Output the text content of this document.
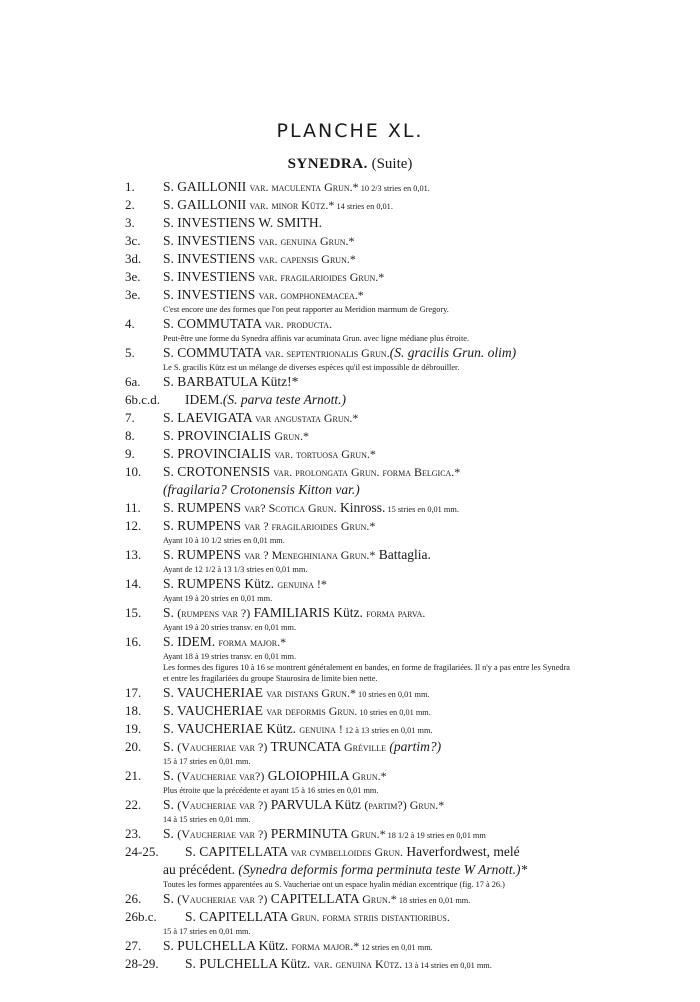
PLANCHE XL.
SYNEDRA. (Suite)
1. S. GAILLONII var. maculenta Grun.* 10 2/3 stries en 0,01.
2. S. GAILLONII var. minor Kütz.* 14 stries en 0,01.
3. S. INVESTIENS W. SMITH.
3c. S. INVESTIENS var. genuina Grun.*
3d. S. INVESTIENS var. capensis Grun.*
3e. S. INVESTIENS var. fragilarioides Grun.*
3e. S. INVESTIENS var. gomphonemacea.*
C'est encore une des formes que l'on peut rapporter au Meridion marmum de Gregory.
4. S. COMMUTATA var. producta.
Peut-être une forme du Synedra affinis var acuminata Grun. avec ligne médiane plus étroite.
5. S. COMMUTATA var. septentrionalis Grun.(S. gracilis Grun. olim)
Le S. gracilis Kütz est un mélange de diverses espèces qu'il est impossible de débrouiller.
6a. S. BARBATULA Kütz!*
6b.c.d. IDEM.(S. parva teste Arnott.)
7. S. LAEVIGATA var angustata Grun.*
8. S. PROVINCIALIS Grun.*
9. S. PROVINCIALIS var. tortuosa Grun.*
10. S. CROTONENSIS var. prolongata Grun. forma Belgica.*
(fragilaria? Crotonensis Kitton var.)
11. S. RUMPENS var? Scotica Grun. Kinross. 15 stries en 0,01 mm.
12. S. RUMPENS var ? fragilarioides Grun.*
Ayant 10 à 10 1/2 stries en 0,01 mm.
13. S. RUMPENS var ? Meneghiniana Grun.* Battaglia.
Ayant de 12 1/2 à 13 1/3 stries en 0,01 mm.
14. S. RUMPENS Kütz. genuina !*
Ayant 19 à 20 stries en 0,01 mm.
15. S. (rumpens var ?) FAMILIARIS Kütz. forma parva.
Ayant 19 à 20 stries transv. en 0,01 mm.
16. S. IDEM. forma major.*
Ayant 18 à 19 stries transv. en 0,01 mm.
Les formes des figures 10 à 16 se montrent généralement en bandes, en forme de fragilariées. Il n'y a pas entre les Synedra et entre les fragilariées du groupe Staurosira de limite bien nette.
17. S. VAUCHERIAE var distans Grun.* 10 stries en 0,01 mm.
18. S. VAUCHERIAE var deformis Grun. 10 stries en 0,01 mm.
19. S. VAUCHERIAE Kütz. genuina ! 12 à 13 stries en 0,01 mm.
20. S. (Vaucheriae var ?) TRUNCATA Gréville (partim?)
15 à 17 stries en 0,01 mm.
21. S. (Vaucheriae var?) GLOIOPHILA Grun.*
Plus étroite que la précédente et ayant 15 à 16 stries en 0,01 mm.
22. S. (Vaucheriae var ?) PARVULA Kütz (partim?) Grun.*
14 à 15 stries en 0,01 mm.
23. S. (Vaucheriae var ?) PERMINUTA Grun.* 18 1/2 à 19 stries en 0,01 mm
24-25. S. CAPITELLATA var cymbelloides Grun. Haverfordwest, melé
au précédent. (Synedra deformis forma perminuta teste W Arnott.)*
Toutes les formes apparentées au S. Vaucheriae ont un espace hyalin médian excentrique (fig. 17 à 26.)
26. S. (Vaucheriae var ?) CAPITELLATA Grun.* 18 stries en 0,01 mm.
26b.c. S. CAPITELLATA Grun. forma striis distantioribus.
15 à 17 stries en 0,01 mm.
27. S. PULCHELLA Kütz. forma major.* 12 stries en 0,01 mm.
28-29. S. PULCHELLA Kütz. var. genuina Kütz. 13 à 14 stries en 0,01 mm.
